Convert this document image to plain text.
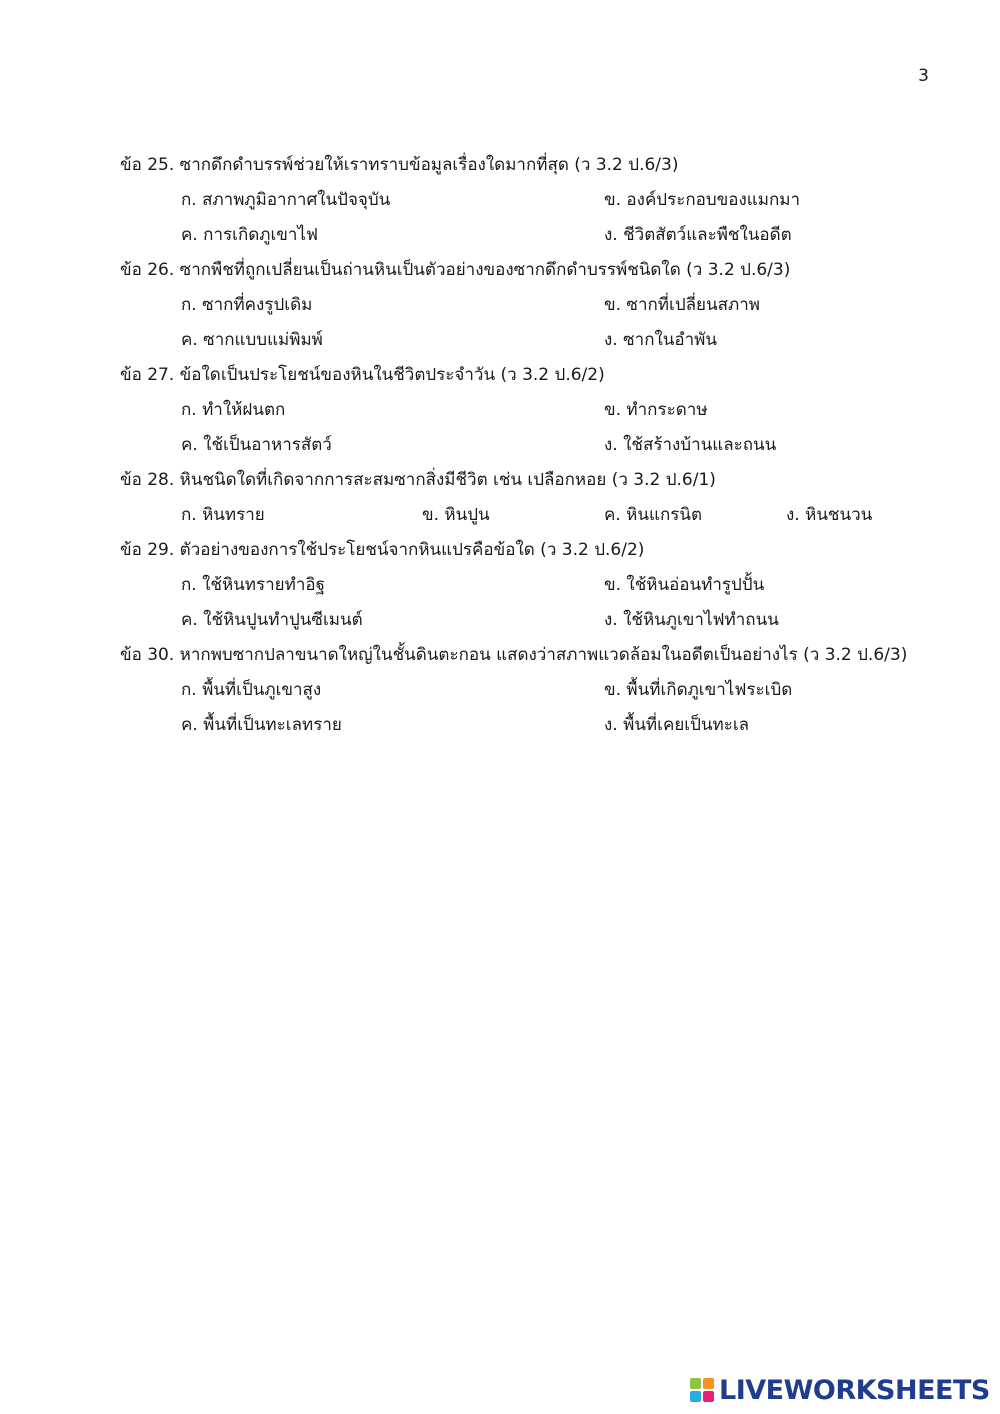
3
ข้อ 25. ซากดึกดำบรรพ์ช่วยให้เราทราบข้อมูลเรื่องใดมากที่สุด (ว 3.2 ป.6/3)
ก. สภาพภูมิอากาศในปัจจุบัน	ข. องค์ประกอบของแมกมา
ค. การเกิดภูเขาไฟ	ง. ชีวิตสัตว์และพืชในอดีต
ข้อ 26. ซากพืชที่ถูกเปลี่ยนเป็นถ่านหินเป็นตัวอย่างของซากดึกดำบรรพ์ชนิดใด (ว 3.2 ป.6/3)
ก. ซากที่คงรูปเดิม	ข. ซากที่เปลี่ยนสภาพ
ค. ซากแบบแม่พิมพ์	ง. ซากในอำพัน
ข้อ 27. ข้อใดเป็นประโยชน์ของหินในชีวิตประจำวัน (ว 3.2 ป.6/2)
ก. ทำให้ฝนตก	ข. ทำกระดาษ
ค. ใช้เป็นอาหารสัตว์	ง. ใช้สร้างบ้านและถนน
ข้อ 28. หินชนิดใดที่เกิดจากการสะสมซากสิ่งมีชีวิต เช่น เปลือกหอย (ว 3.2 ป.6/1)
ก. หินทราย	ข. หินปูน	ค. หินแกรนิต	ง. หินชนวน
ข้อ 29. ตัวอย่างของการใช้ประโยชน์จากหินแปรคือข้อใด (ว 3.2 ป.6/2)
ก. ใช้หินทรายทำอิฐ	ข. ใช้หินอ่อนทำรูปปั้น
ค. ใช้หินปูนทำปูนซีเมนต์	ง. ใช้หินภูเขาไฟทำถนน
ข้อ 30. หากพบซากปลาขนาดใหญ่ในชั้นดินตะกอน แสดงว่าสภาพแวดล้อมในอดีตเป็นอย่างไร (ว 3.2 ป.6/3)
ก. พื้นที่เป็นภูเขาสูง	ข. พื้นที่เกิดภูเขาไฟระเบิด
ค. พื้นที่เป็นทะเลทราย	ง. พื้นที่เคยเป็นทะเล
LIVEWORKSHEETS
